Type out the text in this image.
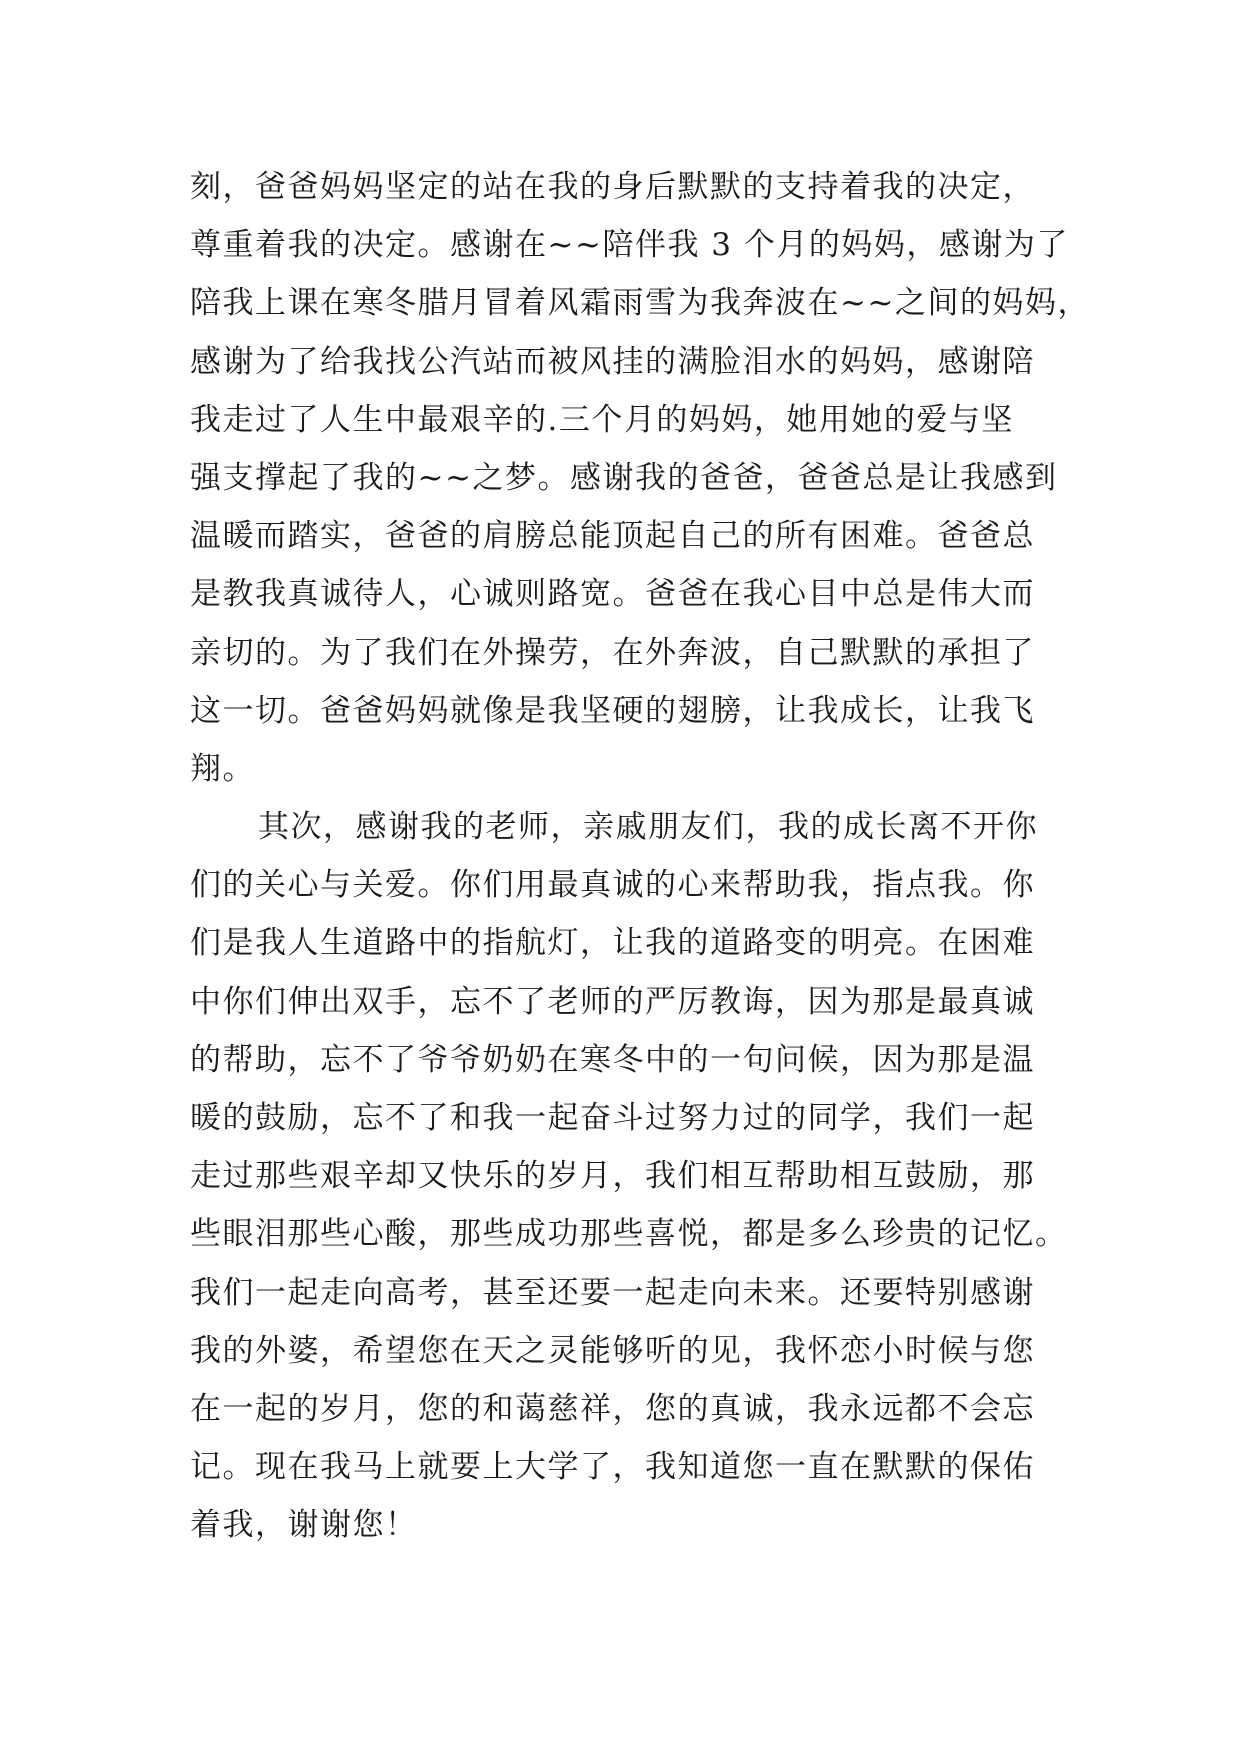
刻，爸爸妈妈坚定的站在我的身后默默的支持着我的决定，
尊重着我的决定。感谢在~~陪伴我 3 个月的妈妈，感谢为了
陪我上课在寒冬腊月冒着风霜雨雪为我奔波在~~之间的妈妈，
感谢为了给我找公汽站而被风挂的满脸泪水的妈妈，感谢陪
我走过了人生中最艰辛的.三个月的妈妈，她用她的爱与坚
强支撑起了我的~~之梦。感谢我的爸爸，爸爸总是让我感到
温暖而踏实，爸爸的肩膀总能顶起自己的所有困难。爸爸总
是教我真诚待人，心诚则路宽。爸爸在我心目中总是伟大而
亲切的。为了我们在外操劳，在外奔波，自己默默的承担了
这一切。爸爸妈妈就像是我坚硬的翅膀，让我成长，让我飞
翔。
其次，感谢我的老师，亲戚朋友们，我的成长离不开你
们的关心与关爱。你们用最真诚的心来帮助我，指点我。你
们是我人生道路中的指航灯，让我的道路变的明亮。在困难
中你们伸出双手，忘不了老师的严厉教诲，因为那是最真诚
的帮助，忘不了爷爷奶奶在寒冬中的一句问候，因为那是温
暖的鼓励，忘不了和我一起奋斗过努力过的同学，我们一起
走过那些艰辛却又快乐的岁月，我们相互帮助相互鼓励，那
些眼泪那些心酸，那些成功那些喜悦，都是多么珍贵的记忆。
我们一起走向高考，甚至还要一起走向未来。还要特别感谢
我的外婆，希望您在天之灵能够听的见，我怀恋小时候与您
在一起的岁月，您的和蔼慈祥，您的真诚，我永远都不会忘
记。现在我马上就要上大学了，我知道您一直在默默的保佑
着我，谢谢您！
